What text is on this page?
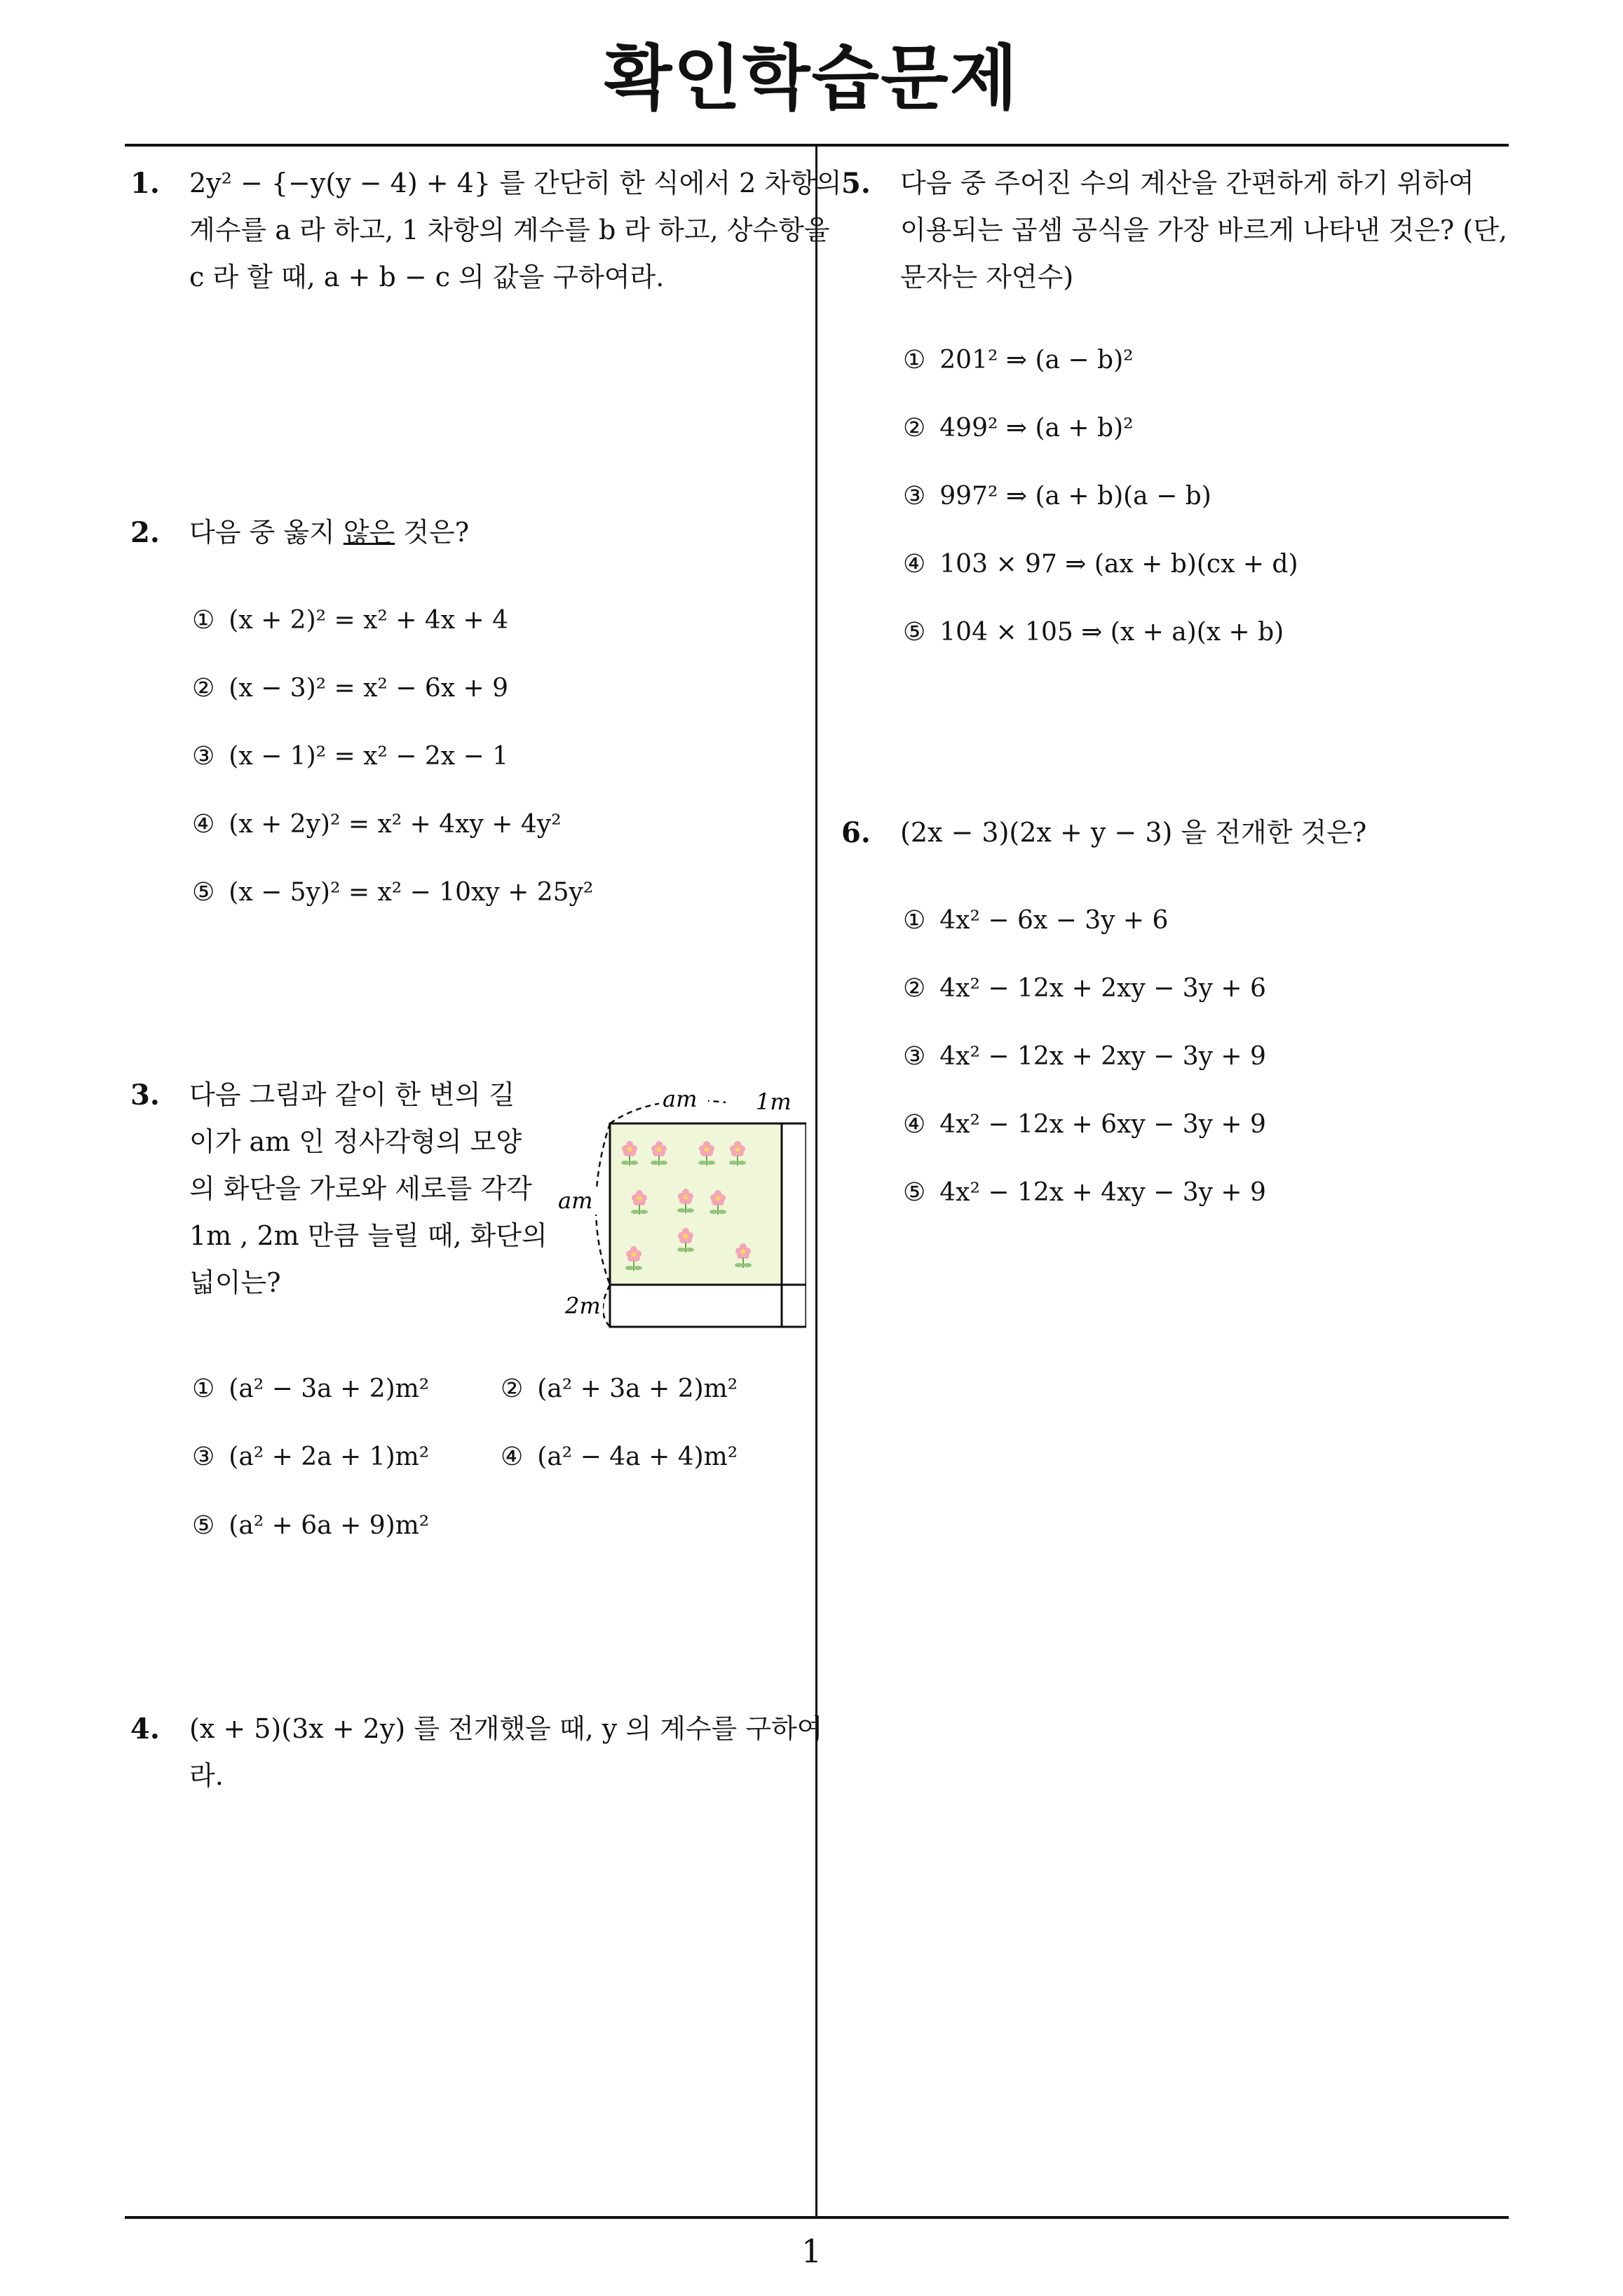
확인학습문제
1
1. 2y² − {−y(y − 4) + 4} 를 간단히 한 식에서 2 차항의
계수를 a 라 하고, 1 차항의 계수를 b 라 하고, 상수항을
c 라 할 때, a + b − c 의 값을 구하여라.
2. 다음 중 옳지 않은 것은?
① (x + 2)² = x² + 4x + 4
② (x − 3)² = x² − 6x + 9
③ (x − 1)² = x² − 2x − 1
④ (x + 2y)² = x² + 4xy + 4y²
⑤ (x − 5y)² = x² − 10xy + 25y²
3. 다음 그림과 같이 한 변의 길
이가 am 인 정사각형의 모양
의 화단을 가로와 세로를 각각
1m , 2m 만큼 늘릴 때, 화단의
넓이는?
am	1m
am
2m
① (a² − 3a + 2)m²	② (a² + 3a + 2)m²
③ (a² + 2a + 1)m²	④ (a² − 4a + 4)m²
⑤ (a² + 6a + 9)m²
4. (x + 5)(3x + 2y) 를 전개했을 때, y 의 계수를 구하여
라.
5. 다음 중 주어진 수의 계산을 간편하게 하기 위하여
이용되는 곱셈 공식을 가장 바르게 나타낸 것은? (단,
문자는 자연수)
① 201² ⇒ (a − b)²
② 499² ⇒ (a + b)²
③ 997² ⇒ (a + b)(a − b)
④ 103 × 97 ⇒ (ax + b)(cx + d)
⑤ 104 × 105 ⇒ (x + a)(x + b)
6. (2x − 3)(2x + y − 3) 을 전개한 것은?
① 4x² − 6x − 3y + 6
② 4x² − 12x + 2xy − 3y + 6
③ 4x² − 12x + 2xy − 3y + 9
④ 4x² − 12x + 6xy − 3y + 9
⑤ 4x² − 12x + 4xy − 3y + 9
